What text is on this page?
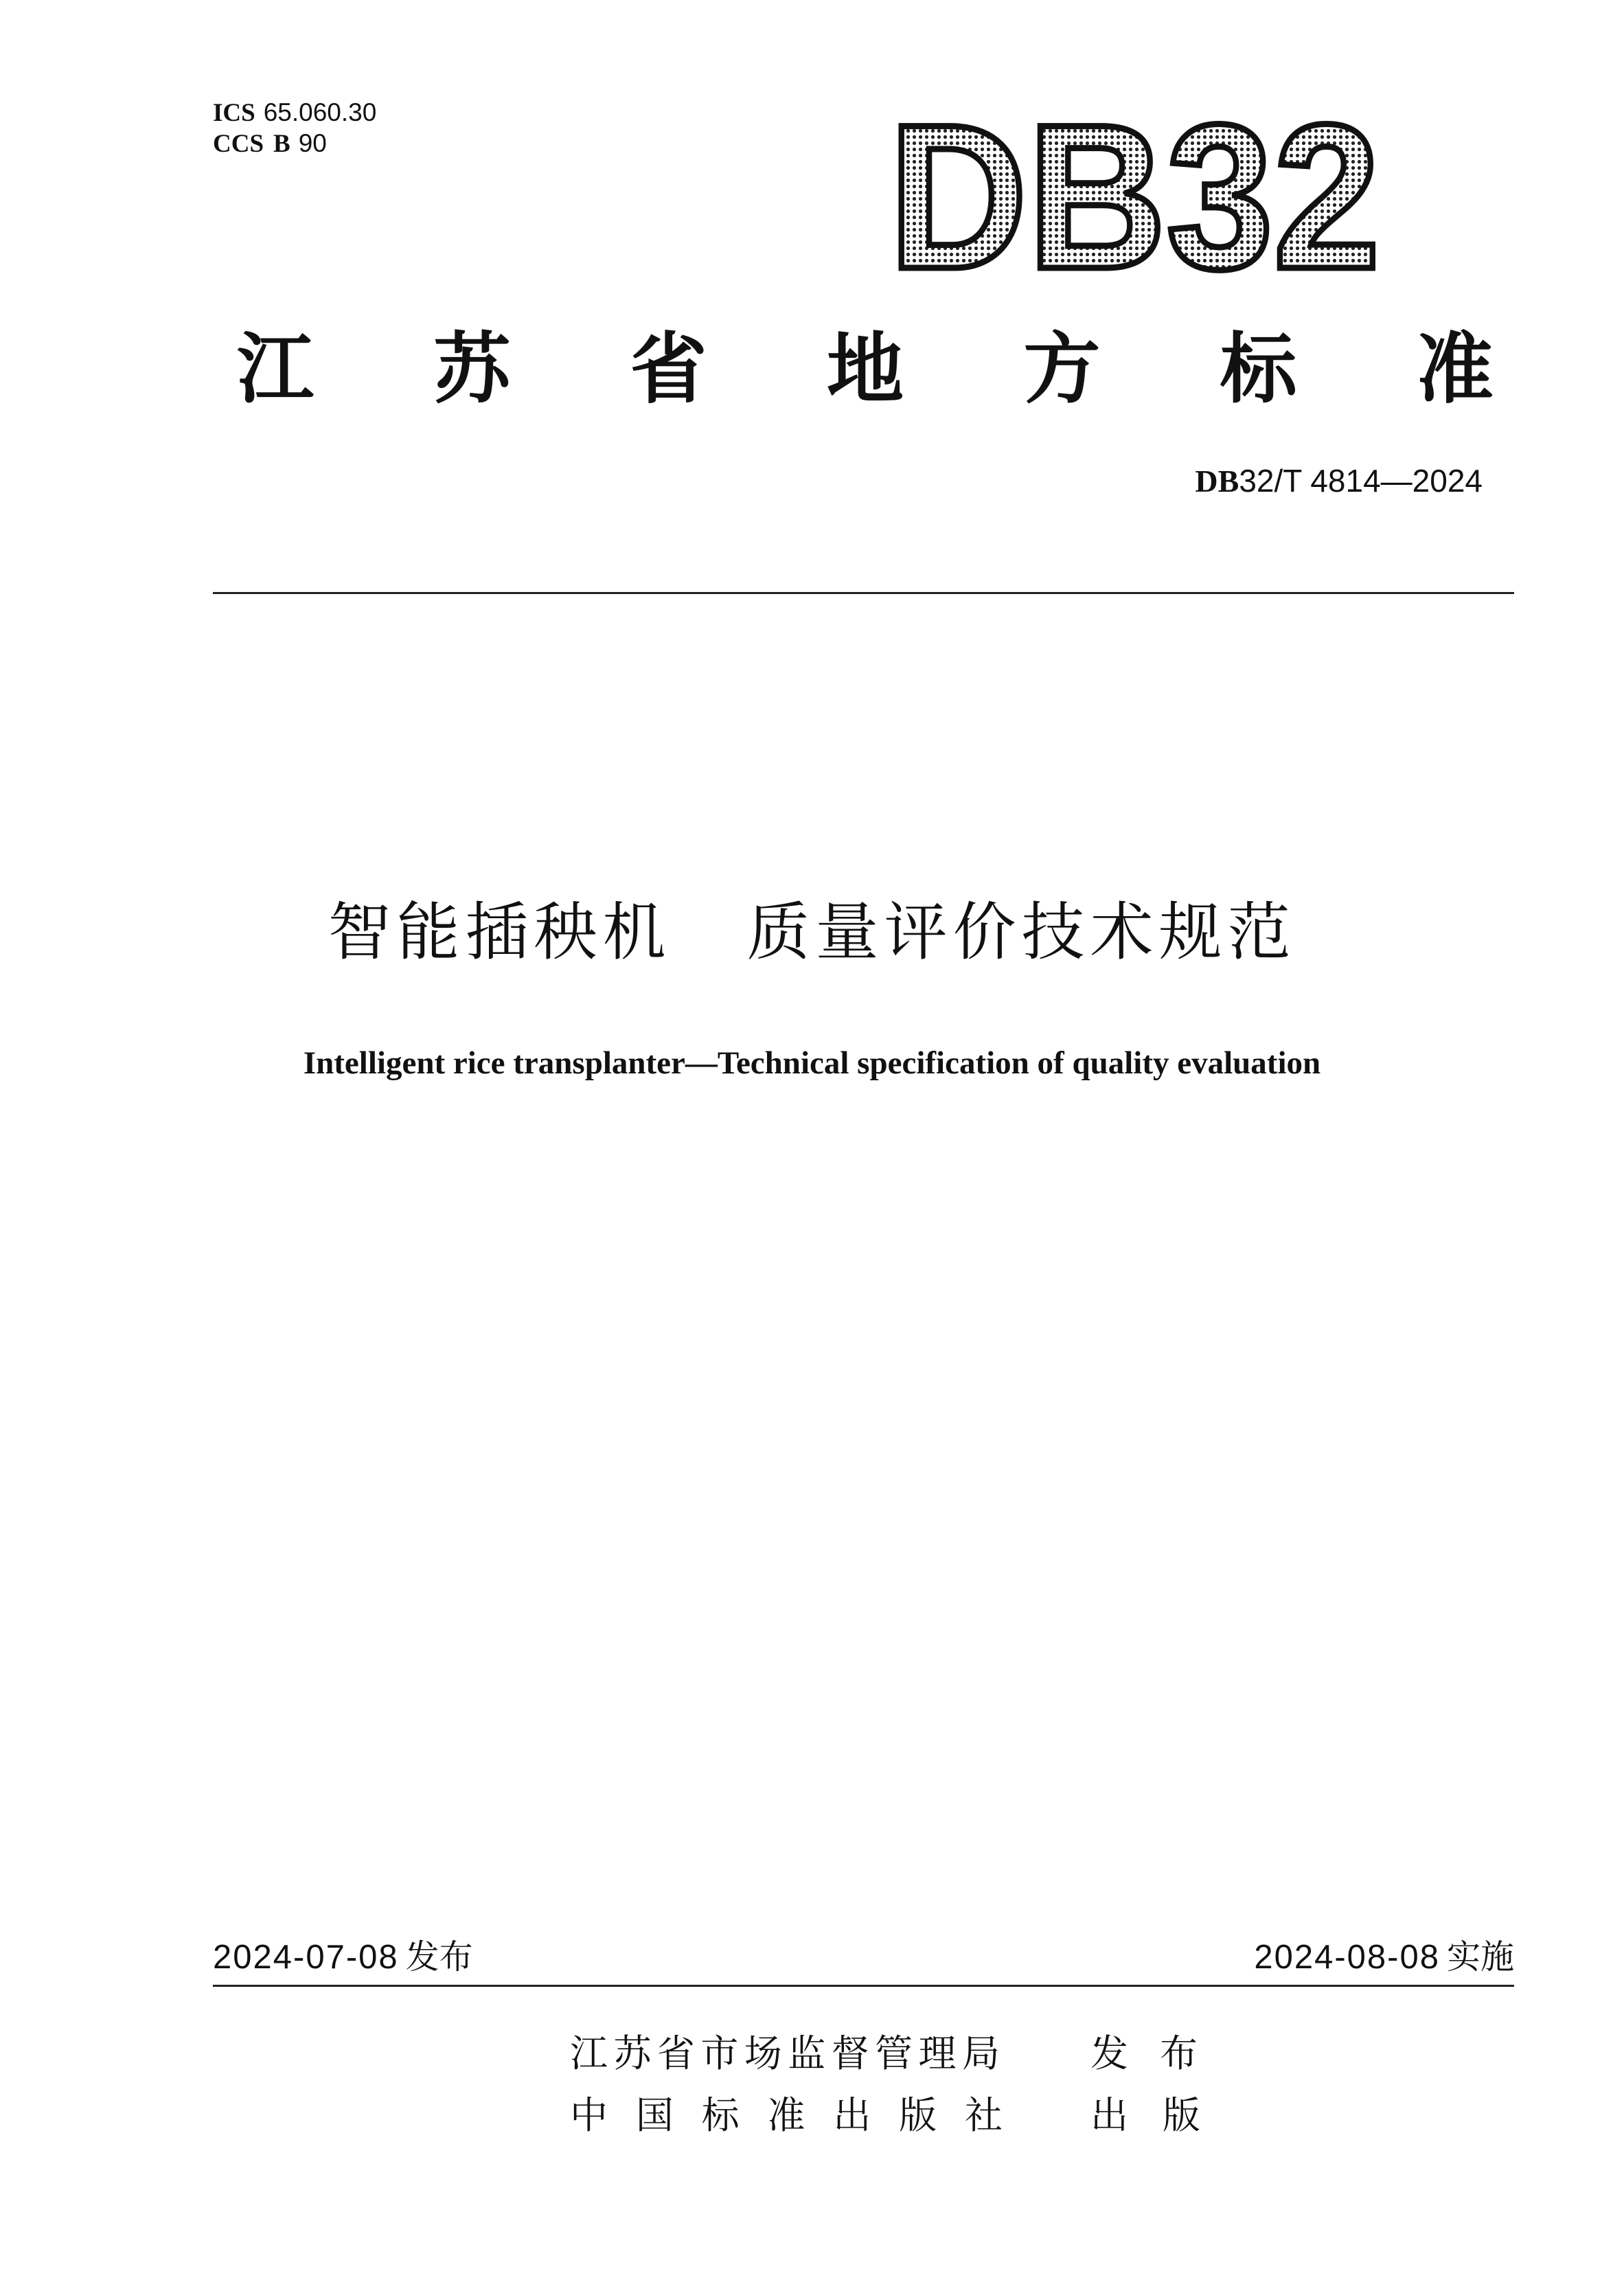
ICS 65.060.30
CCS B 90	DB32
江 苏 省 地 方 标 准
DB32/T 4814—2024
智能插秧机 质量评价技术规范
Intelligent rice transplanter—Technical specification of quality evaluation
2024-07-08 发布	2024-08-08 实施
江苏省市场监督管理局 发 布
中国标准出版社 出 版
